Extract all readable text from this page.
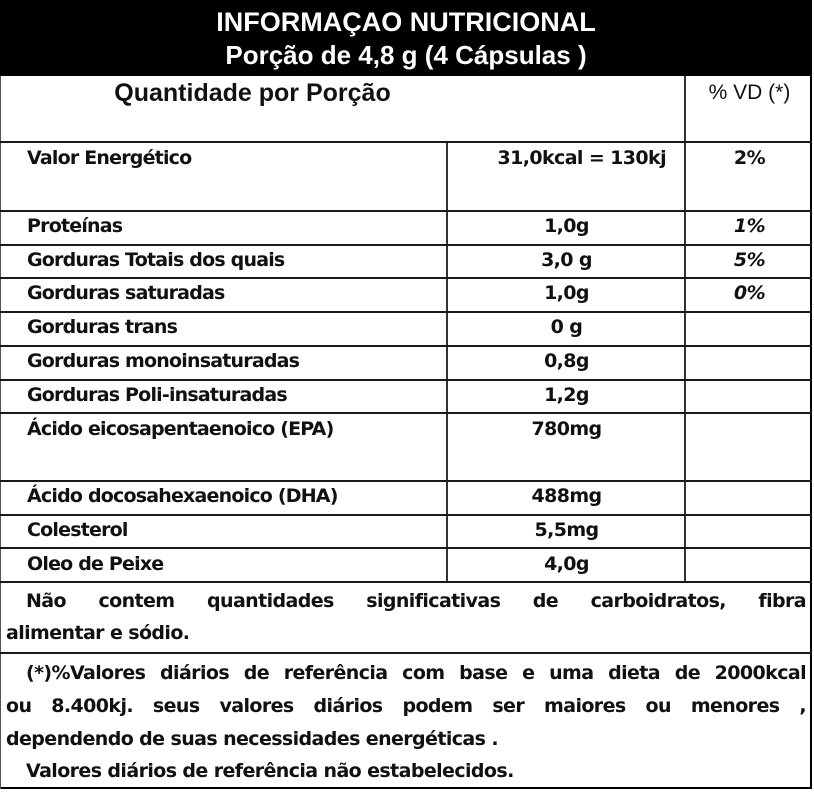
INFORMAÇAO NUTRICIONAL
Porção de 4,8 g (4 Cápsulas )
Quantidade por Porção	% VD (*)
Valor Energético	31,0kcal = 130kj	2%
Proteínas	1,0g	1%
Gorduras Totais dos quais	3,0 g	5%
Gorduras saturadas	1,0g	0%
Gorduras trans	0 g
Gorduras monoinsaturadas	0,8g
Gorduras Poli-insaturadas	1,2g
Ácido eicosapentaenoico (EPA)	780mg
Ácido docosahexaenoico (DHA)	488mg
Colesterol	5,5mg
Oleo de Peixe	4,0g
Não contem quantidades significativas de carboidratos, fibra
alimentar e sódio.
(*)%Valores diários de referência com base e uma dieta de 2000kcal
ou 8.400kj. seus valores diários podem ser maiores ou menores ,
dependendo de suas necessidades energéticas .
Valores diários de referência não estabelecidos.
